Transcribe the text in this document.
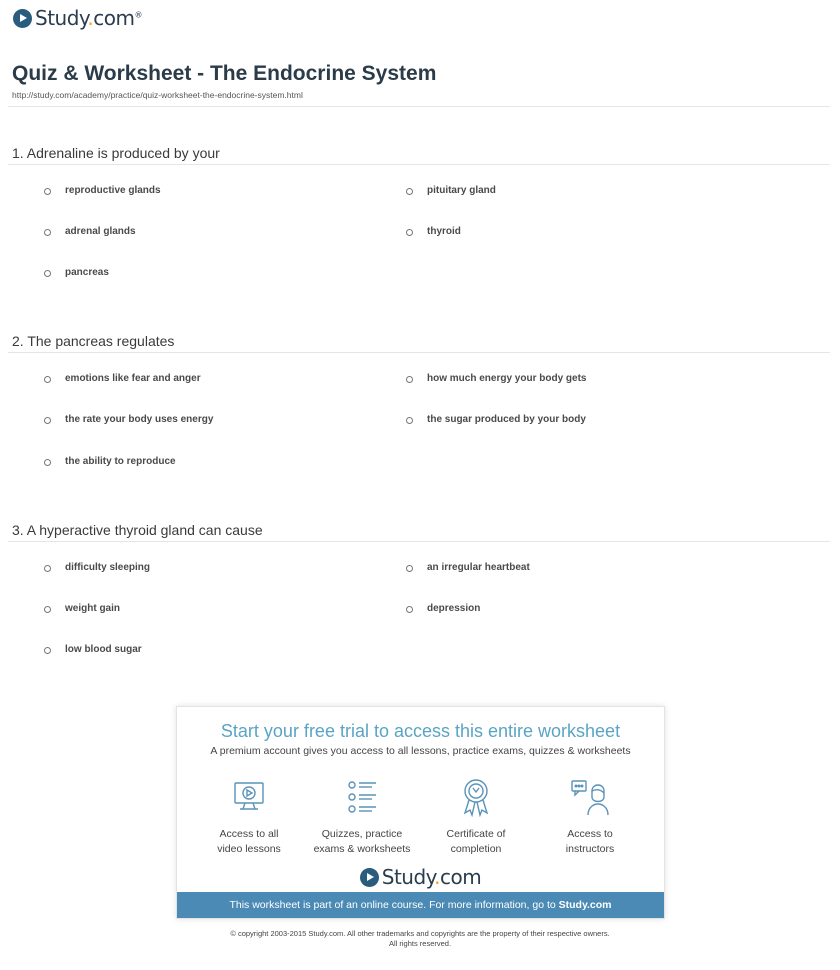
Study.com®
Quiz & Worksheet - The Endocrine System
http://study.com/academy/practice/quiz-worksheet-the-endocrine-system.html
1. Adrenaline is produced by your
reproductive glands	pituitary gland
adrenal glands	thyroid
pancreas
2. The pancreas regulates
emotions like fear and anger	how much energy your body gets
the rate your body uses energy	the sugar produced by your body
the ability to reproduce
3. A hyperactive thyroid gland can cause
difficulty sleeping	an irregular heartbeat
weight gain	depression
low blood sugar
Start your free trial to access this entire worksheet
A premium account gives you access to all lessons, practice exams, quizzes & worksheets
Access to all
video lessons
Quizzes, practice
exams & worksheets
Certificate of
completion
Access to
instructors
Study.com
This worksheet is part of an online course. For more information, go to Study.com
© copyright 2003-2015 Study.com. All other trademarks and copyrights are the property of their respective owners.
All rights reserved.
